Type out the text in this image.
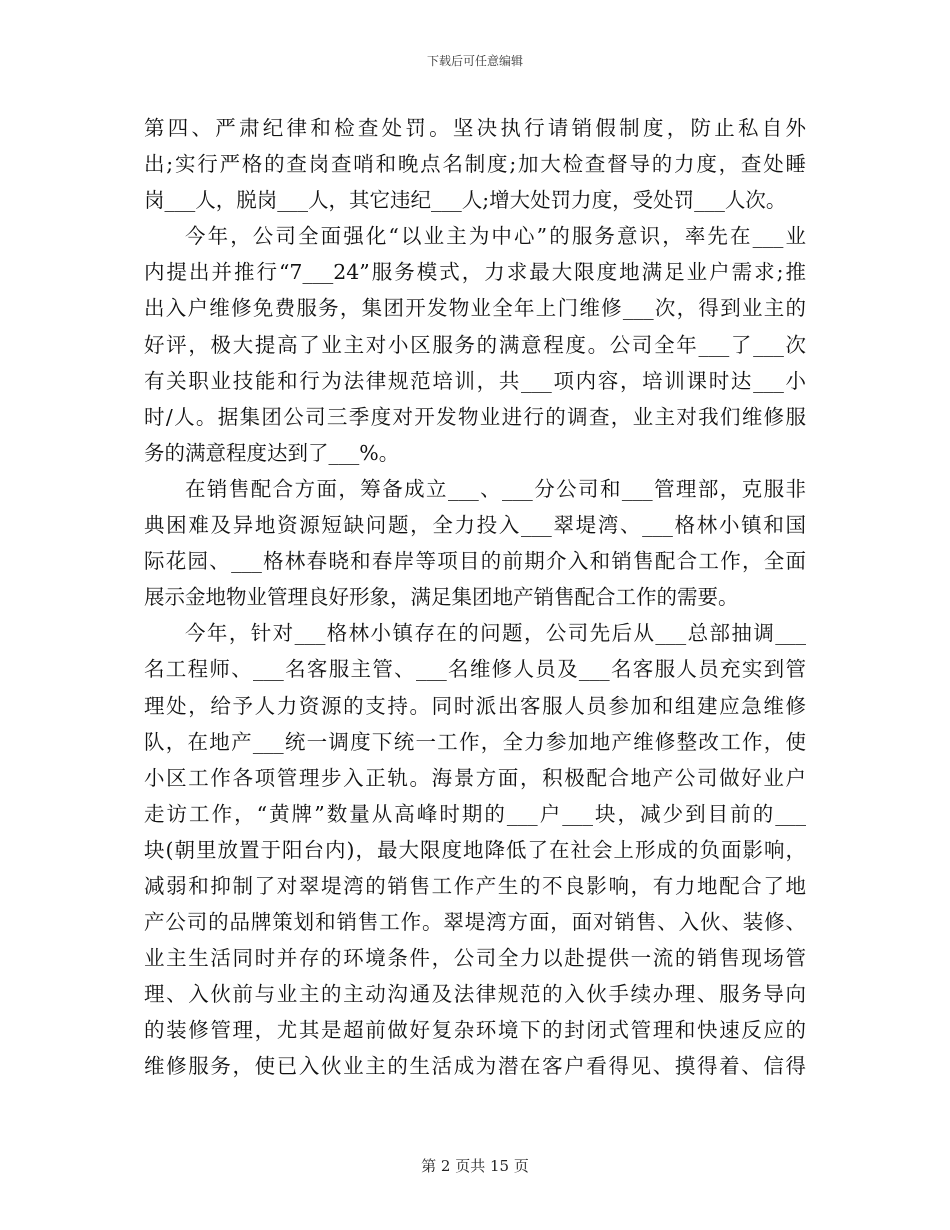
下载后可任意编辑
第四、严肃纪律和检查处罚。坚决执行请销假制度，防止私自外
出;实行严格的查岗查哨和晚点名制度;加大检查督导的力度，查处睡
岗___人，脱岗___人，其它违纪___人;增大处罚力度，受处罚___人次。
今年，公司全面强化“以业主为中心”的服务意识，率先在___业
内提出并推行“7___24”服务模式，力求最大限度地满足业户需求;推
出入户维修免费服务，集团开发物业全年上门维修___次，得到业主的
好评，极大提高了业主对小区服务的满意程度。公司全年___了___次
有关职业技能和行为法律规范培训，共___项内容，培训课时达___小
时/人。据集团公司三季度对开发物业进行的调查，业主对我们维修服
务的满意程度达到了___%。
在销售配合方面，筹备成立___、___分公司和___管理部，克服非
典困难及异地资源短缺问题，全力投入___翠堤湾、___格林小镇和国
际花园、___格林春晓和春岸等项目的前期介入和销售配合工作，全面
展示金地物业管理良好形象，满足集团地产销售配合工作的需要。
今年，针对___格林小镇存在的问题，公司先后从___总部抽调___
名工程师、___名客服主管、___名维修人员及___名客服人员充实到管
理处，给予人力资源的支持。同时派出客服人员参加和组建应急维修
队，在地产___统一调度下统一工作，全力参加地产维修整改工作，使
小区工作各项管理步入正轨。海景方面，积极配合地产公司做好业户
走访工作，“黄牌”数量从高峰时期的___户___块，减少到目前的___
块(朝里放置于阳台内)，最大限度地降低了在社会上形成的负面影响，
减弱和抑制了对翠堤湾的销售工作产生的不良影响，有力地配合了地
产公司的品牌策划和销售工作。翠堤湾方面，面对销售、入伙、装修、
业主生活同时并存的环境条件，公司全力以赴提供一流的销售现场管
理、入伙前与业主的主动沟通及法律规范的入伙手续办理、服务导向
的装修管理，尤其是超前做好复杂环境下的封闭式管理和快速反应的
维修服务，使已入伙业主的生活成为潜在客户看得见、摸得着、信得
第 2 页共 15 页
